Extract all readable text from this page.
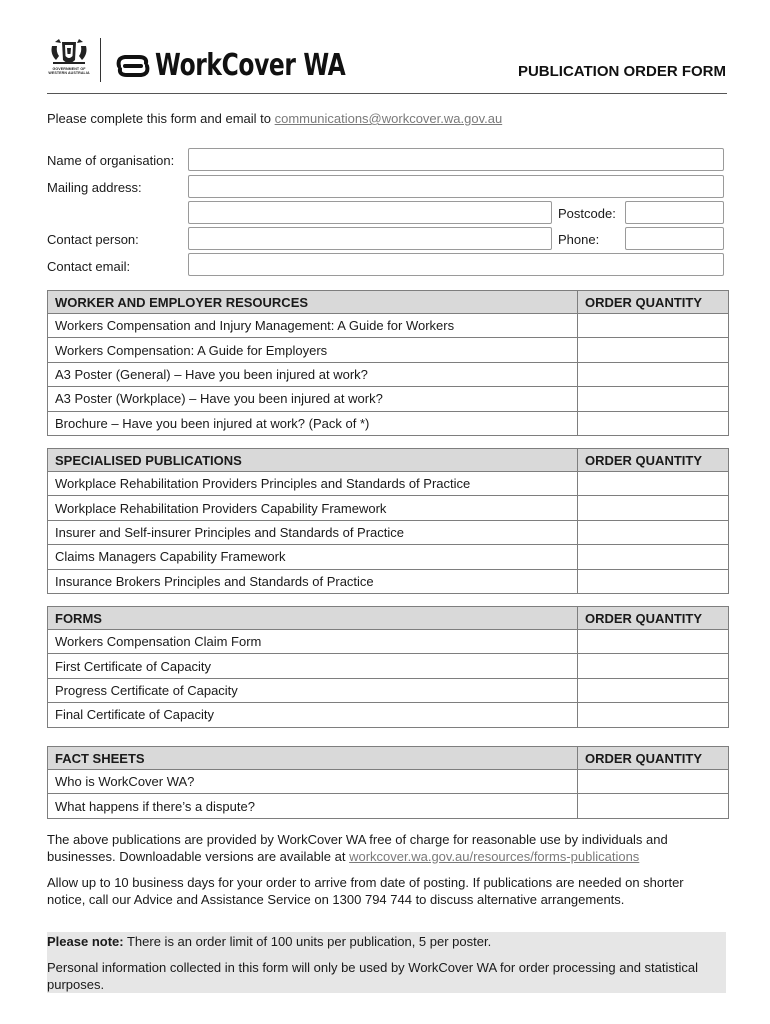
GOVERNMENT OF WESTERN AUSTRALIA WorkCover WA	PUBLICATION ORDER FORM
Please complete this form and email to communications@workcover.wa.gov.au
Name of organisation:
Mailing address:
Postcode:
Contact person:	Phone:
Contact email:
WORKER AND EMPLOYER RESOURCES	ORDER QUANTITY
Workers Compensation and Injury Management: A Guide for Workers	
Workers Compensation: A Guide for Employers	
A3 Poster (General) – Have you been injured at work?	
A3 Poster (Workplace) – Have you been injured at work?	
Brochure – Have you been injured at work? (Pack of *)	
SPECIALISED PUBLICATIONS	ORDER QUANTITY
Workplace Rehabilitation Providers Principles and Standards of Practice	
Workplace Rehabilitation Providers Capability Framework	
Insurer and Self-insurer Principles and Standards of Practice	
Claims Managers Capability Framework	
Insurance Brokers Principles and Standards of Practice	
FORMS	ORDER QUANTITY
Workers Compensation Claim Form	
First Certificate of Capacity	
Progress Certificate of Capacity	
Final Certificate of Capacity	
FACT SHEETS	ORDER QUANTITY
Who is WorkCover WA?	
What happens if there’s a dispute?	
The above publications are provided by WorkCover WA free of charge for reasonable use by individuals and businesses. Downloadable versions are available at workcover.wa.gov.au/resources/forms-publications
Allow up to 10 business days for your order to arrive from date of posting. If publications are needed on shorter notice, call our Advice and Assistance Service on 1300 794 744 to discuss alternative arrangements.
Please note: There is an order limit of 100 units per publication, 5 per poster.
Personal information collected in this form will only be used by WorkCover WA for order processing and statistical purposes.
